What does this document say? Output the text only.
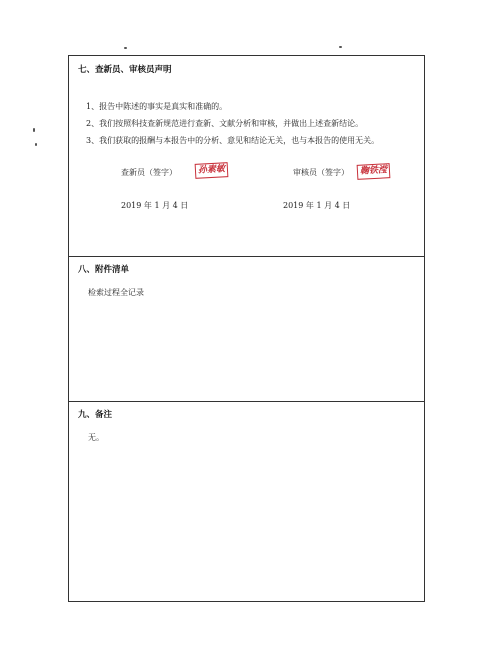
七、查新员、审核员声明
1、报告中陈述的事实是真实和准确的。
2、我们按照科技查新规范进行查新、文献分析和审核，并做出上述查新结论。
3、我们获取的报酬与本报告中的分析、意见和结论无关，也与本报告的使用无关。
查新员（签字）	孙素敏	审核员（签字）	鞠铁滢
2019 年 1 月 4 日	2019 年 1 月 4 日
八、附件清单
检索过程全记录
九、备注
无。
